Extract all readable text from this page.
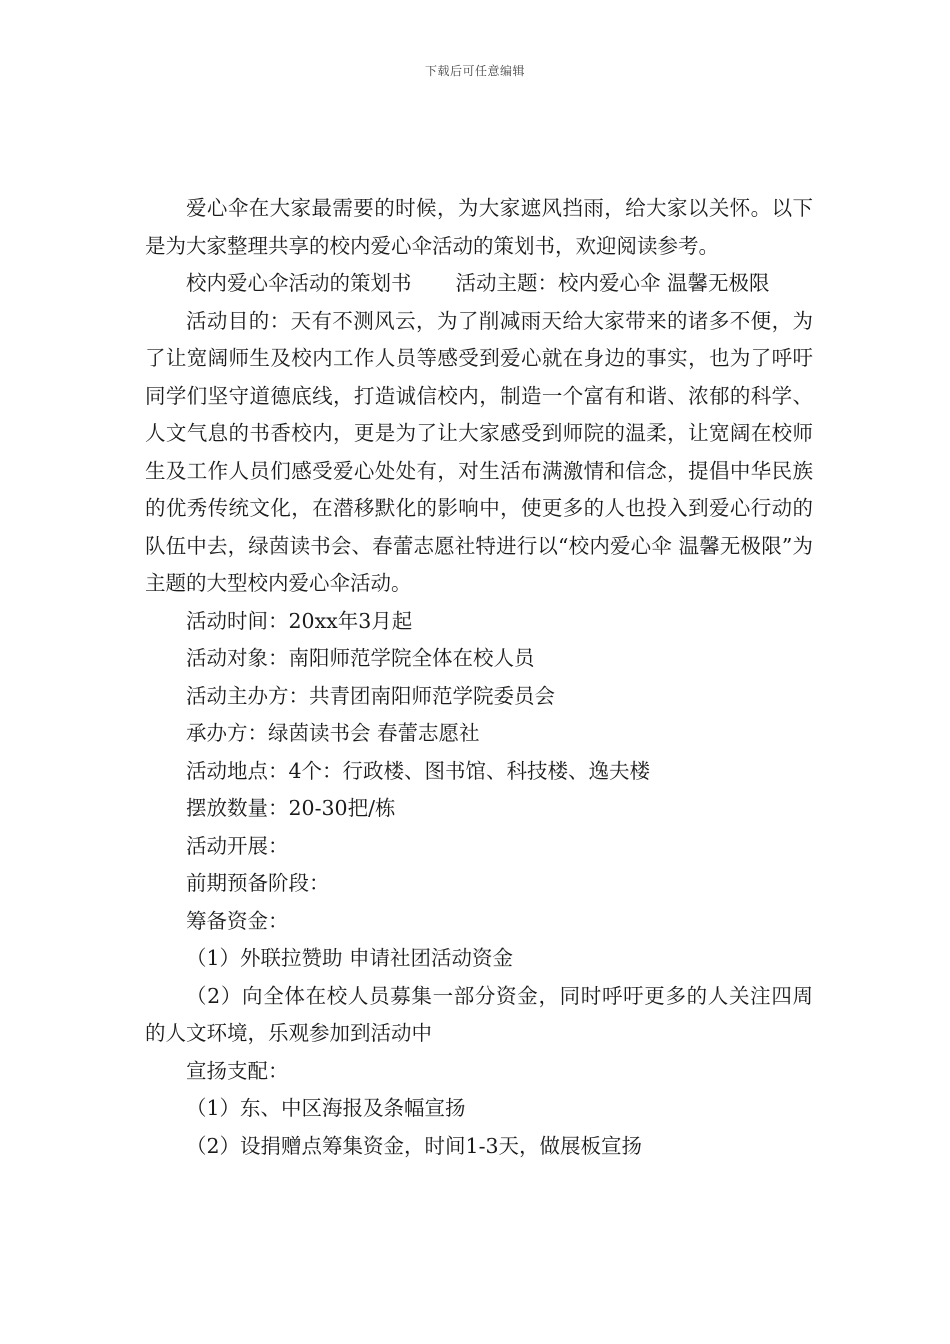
下载后可任意编辑

爱心伞在大家最需要的时候，为大家遮风挡雨，给大家以关怀。以下是为大家整理共享的校内爱心伞活动的策划书，欢迎阅读参考。

校内爱心伞活动的策划书 活动主题：校内爱心伞 温馨无极限

活动目的：天有不测风云，为了削减雨天给大家带来的诸多不便，为了让宽阔师生及校内工作人员等感受到爱心就在身边的事实，也为了呼吁同学们坚守道德底线，打造诚信校内，制造一个富有和谐、浓郁的科学、人文气息的书香校内，更是为了让大家感受到师院的温柔，让宽阔在校师生及工作人员们感受爱心处处有，对生活布满激情和信念，提倡中华民族的优秀传统文化，在潜移默化的影响中，使更多的人也投入到爱心行动的队伍中去，绿茵读书会、春蕾志愿社特进行以“校内爱心伞 温馨无极限”为主题的大型校内爱心伞活动。

活动时间：20xx年3月起

活动对象：南阳师范学院全体在校人员

活动主办方：共青团南阳师范学院委员会

承办方：绿茵读书会 春蕾志愿社

活动地点：4个：行政楼、图书馆、科技楼、逸夫楼

摆放数量：20-30把/栋

活动开展：

前期预备阶段：

筹备资金：

（1）外联拉赞助 申请社团活动资金

（2）向全体在校人员募集一部分资金，同时呼吁更多的人关注四周的人文环境，乐观参加到活动中

宣扬支配：

（1）东、中区海报及条幅宣扬

（2）设捐赠点筹集资金，时间1-3天，做展板宣扬
